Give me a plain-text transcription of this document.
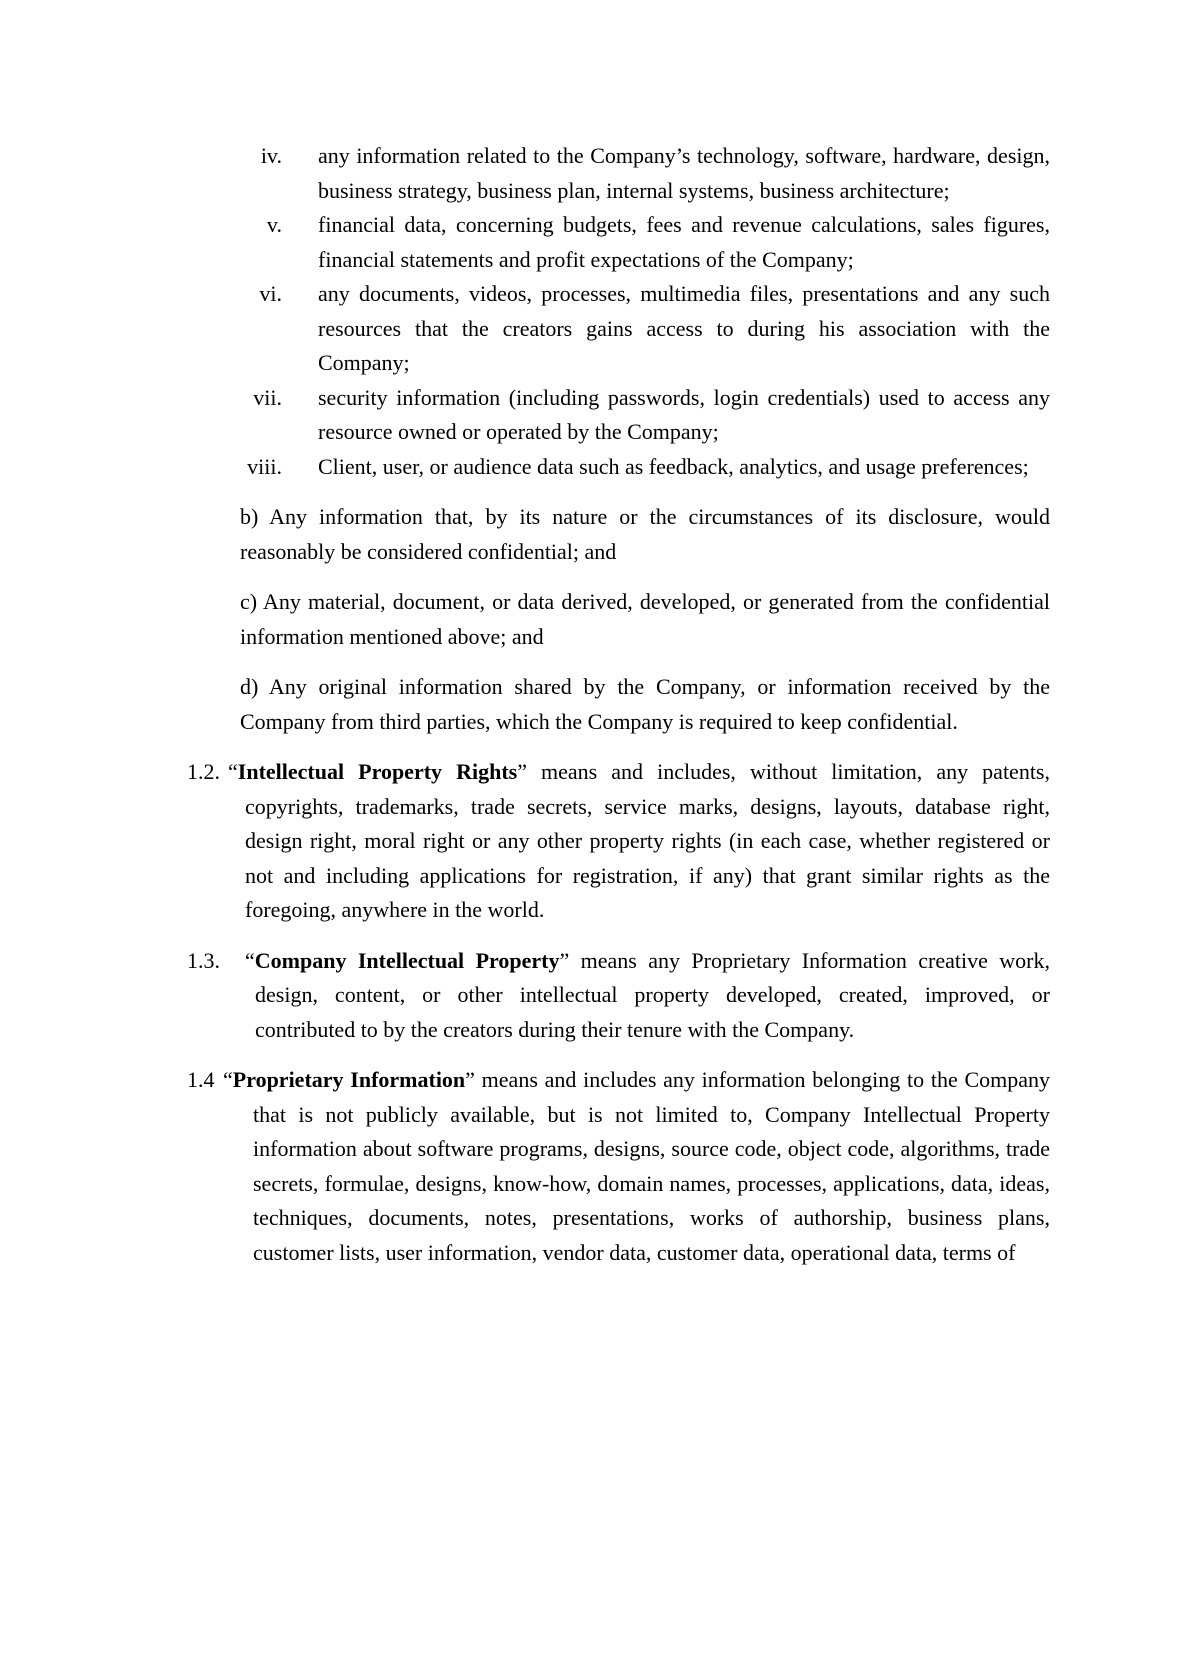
iv. any information related to the Company’s technology, software, hardware, design, business strategy, business plan, internal systems, business architecture;

v. financial data, concerning budgets, fees and revenue calculations, sales figures, financial statements and profit expectations of the Company;

vi. any documents, videos, processes, multimedia files, presentations and any such resources that the creators gains access to during his association with the Company;

vii. security information (including passwords, login credentials) used to access any resource owned or operated by the Company;

viii. Client, user, or audience data such as feedback, analytics, and usage preferences;

b) Any information that, by its nature or the circumstances of its disclosure, would reasonably be considered confidential; and

c) Any material, document, or data derived, developed, or generated from the confidential information mentioned above; and

d) Any original information shared by the Company, or information received by the Company from third parties, which the Company is required to keep confidential.

1.2. “Intellectual Property Rights” means and includes, without limitation, any patents, copyrights, trademarks, trade secrets, service marks, designs, layouts, database right, design right, moral right or any other property rights (in each case, whether registered or not and including applications for registration, if any) that grant similar rights as the foregoing, anywhere in the world.

1.3. “Company Intellectual Property” means any Proprietary Information creative work, design, content, or other intellectual property developed, created, improved, or contributed to by the creators during their tenure with the Company.

1.4 “Proprietary Information” means and includes any information belonging to the Company that is not publicly available, but is not limited to, Company Intellectual Property information about software programs, designs, source code, object code, algorithms, trade secrets, formulae, designs, know-how, domain names, processes, applications, data, ideas, techniques, documents, notes, presentations, works of authorship, business plans, customer lists, user information, vendor data, customer data, operational data, terms of
